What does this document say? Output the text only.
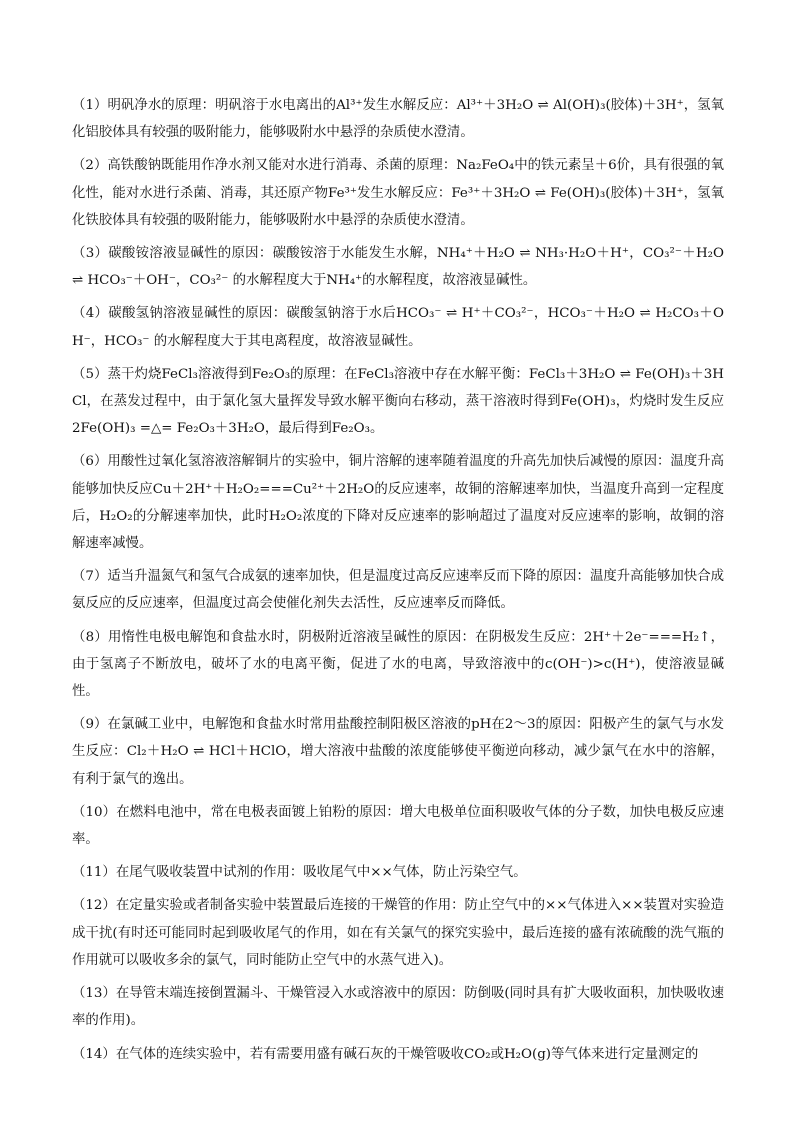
（1）明矾净水的原理：明矾溶于水电离出的Al³⁺发生水解反应：Al³⁺＋3H₂O ⇌ Al(OH)₃(胶体)＋3H⁺，氢氧化铝胶体具有较强的吸附能力，能够吸附水中悬浮的杂质使水澄清。

（2）高铁酸钠既能用作净水剂又能对水进行消毒、杀菌的原理：Na₂FeO₄中的铁元素呈＋6价，具有很强的氧化性，能对水进行杀菌、消毒，其还原产物Fe³⁺发生水解反应：Fe³⁺＋3H₂O ⇌ Fe(OH)₃(胶体)＋3H⁺，氢氧化铁胶体具有较强的吸附能力，能够吸附水中悬浮的杂质使水澄清。

（3）碳酸铵溶液显碱性的原因：碳酸铵溶于水能发生水解，NH₄⁺＋H₂O ⇌ NH₃·H₂O＋H⁺，CO₃²⁻＋H₂O ⇌ HCO₃⁻＋OH⁻，CO₃²⁻ 的水解程度大于NH₄⁺的水解程度，故溶液显碱性。

（4）碳酸氢钠溶液显碱性的原因：碳酸氢钠溶于水后HCO₃⁻ ⇌ H⁺＋CO₃²⁻，HCO₃⁻＋H₂O ⇌ H₂CO₃＋OH⁻，HCO₃⁻ 的水解程度大于其电离程度，故溶液显碱性。

（5）蒸干灼烧FeCl₃溶液得到Fe₂O₃的原理：在FeCl₃溶液中存在水解平衡：FeCl₃＋3H₂O ⇌ Fe(OH)₃＋3HCl，在蒸发过程中，由于氯化氢大量挥发导致水解平衡向右移动，蒸干溶液时得到Fe(OH)₃，灼烧时发生反应2Fe(OH)₃ =△= Fe₂O₃＋3H₂O，最后得到Fe₂O₃。

（6）用酸性过氧化氢溶液溶解铜片的实验中，铜片溶解的速率随着温度的升高先加快后减慢的原因：温度升高能够加快反应Cu＋2H⁺＋H₂O₂===Cu²⁺＋2H₂O的反应速率，故铜的溶解速率加快，当温度升高到一定程度后，H₂O₂的分解速率加快，此时H₂O₂浓度的下降对反应速率的影响超过了温度对反应速率的影响，故铜的溶解速率减慢。

（7）适当升温氮气和氢气合成氨的速率加快，但是温度过高反应速率反而下降的原因：温度升高能够加快合成氨反应的反应速率，但温度过高会使催化剂失去活性，反应速率反而降低。

（8）用惰性电极电解饱和食盐水时，阴极附近溶液呈碱性的原因：在阴极发生反应：2H⁺＋2e⁻===H₂↑，由于氢离子不断放电，破坏了水的电离平衡，促进了水的电离，导致溶液中的c(OH⁻)>c(H⁺)，使溶液显碱性。

（9）在氯碱工业中，电解饱和食盐水时常用盐酸控制阳极区溶液的pH在2～3的原因：阳极产生的氯气与水发生反应：Cl₂＋H₂O ⇌ HCl＋HClO，增大溶液中盐酸的浓度能够使平衡逆向移动，减少氯气在水中的溶解，有利于氯气的逸出。

（10）在燃料电池中，常在电极表面镀上铂粉的原因：增大电极单位面积吸收气体的分子数，加快电极反应速率。

（11）在尾气吸收装置中试剂的作用：吸收尾气中××气体，防止污染空气。

（12）在定量实验或者制备实验中装置最后连接的干燥管的作用：防止空气中的××气体进入××装置对实验造成干扰(有时还可能同时起到吸收尾气的作用，如在有关氯气的探究实验中，最后连接的盛有浓硫酸的洗气瓶的作用就可以吸收多余的氯气，同时能防止空气中的水蒸气进入)。

（13）在导管末端连接倒置漏斗、干燥管浸入水或溶液中的原因：防倒吸(同时具有扩大吸收面积，加快吸收速率的作用)。

（14）在气体的连续实验中，若有需要用盛有碱石灰的干燥管吸收CO₂或H₂O(g)等气体来进行定量测定的
